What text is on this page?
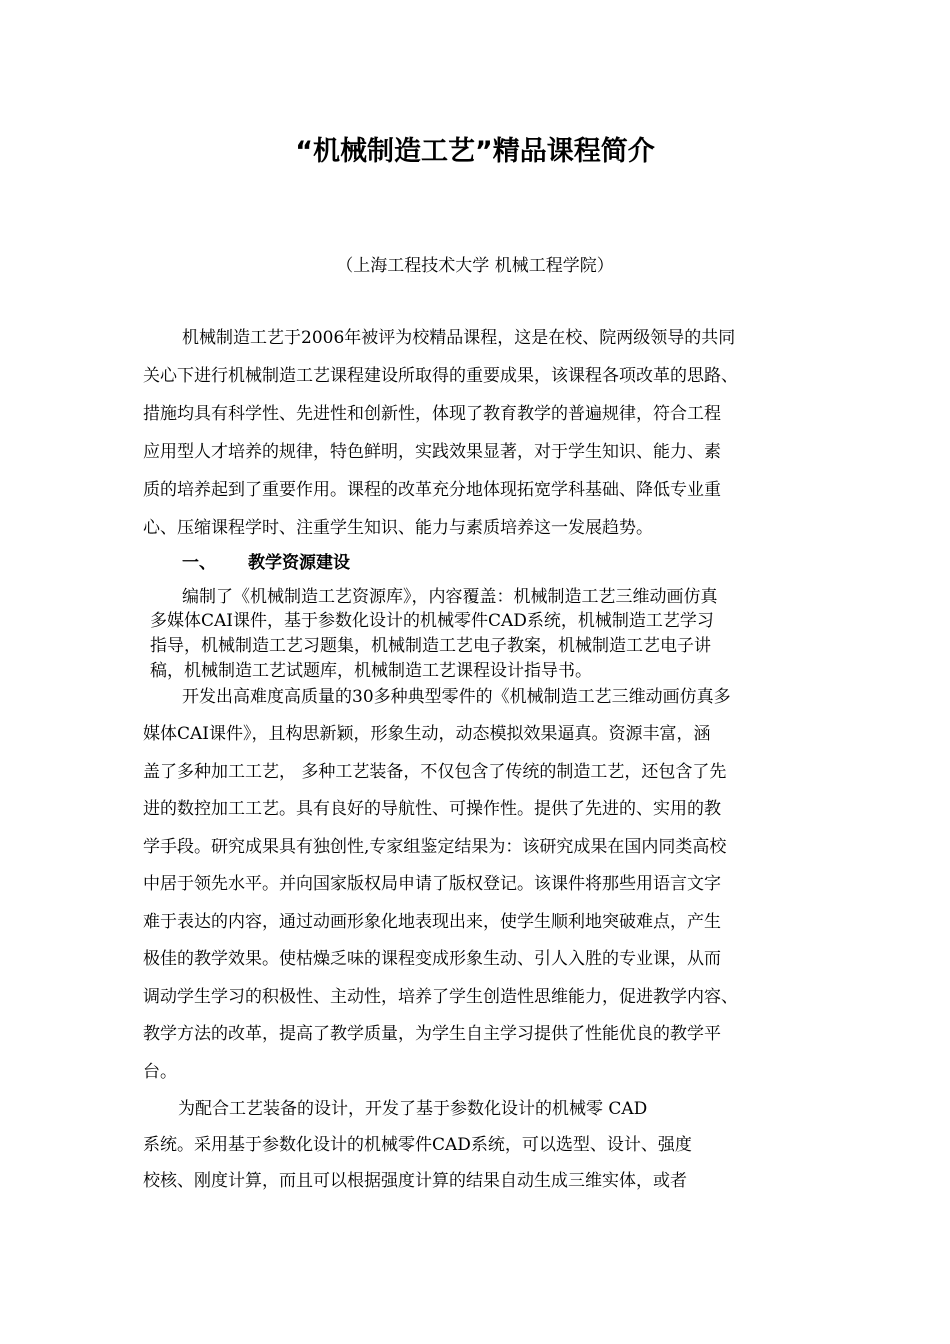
“机械制造工艺”精品课程简介

（上海工程技术大学 机械工程学院）

机械制造工艺于2006年被评为校精品课程，这是在校、院两级领导的共同

关心下进行机械制造工艺课程建设所取得的重要成果，该课程各项改革的思路、

措施均具有科学性、先进性和创新性，体现了教育教学的普遍规律，符合工程

应用型人才培养的规律，特色鲜明，实践效果显著，对于学生知识、能力、素

质的培养起到了重要作用。课程的改革充分地体现拓宽学科基础、降低专业重

心、压缩课程学时、注重学生知识、能力与素质培养这一发展趋势。

一、 教学资源建设

编制了《机械制造工艺资源库》，内容覆盖：机械制造工艺三维动画仿真

多媒体CAI课件，基于参数化设计的机械零件CAD系统，机械制造工艺学习

指导，机械制造工艺习题集，机械制造工艺电子教案，机械制造工艺电子讲

稿，机械制造工艺试题库，机械制造工艺课程设计指导书。

开发出高难度高质量的30多种典型零件的《机械制造工艺三维动画仿真多

媒体CAI课件》，且构思新颖，形象生动，动态模拟效果逼真。资源丰富，涵

盖了多种加工工艺， 多种工艺装备，不仅包含了传统的制造工艺，还包含了先

进的数控加工工艺。具有良好的导航性、可操作性。提供了先进的、实用的教

学手段。研究成果具有独创性,专家组鉴定结果为：该研究成果在国内同类高校

中居于领先水平。并向国家版权局申请了版权登记。该课件将那些用语言文字

难于表达的内容，通过动画形象化地表现出来，使学生顺利地突破难点，产生

极佳的教学效果。使枯燥乏味的课程变成形象生动、引人入胜的专业课，从而

调动学生学习的积极性、主动性，培养了学生创造性思维能力，促进教学内容、

教学方法的改革，提高了教学质量，为学生自主学习提供了性能优良的教学平

台。

为配合工艺装备的设计，开发了基于参数化设计的机械零 CAD

系统。采用基于参数化设计的机械零件CAD系统，可以选型、设计、强度

校核、刚度计算，而且可以根据强度计算的结果自动生成三维实体，或者
